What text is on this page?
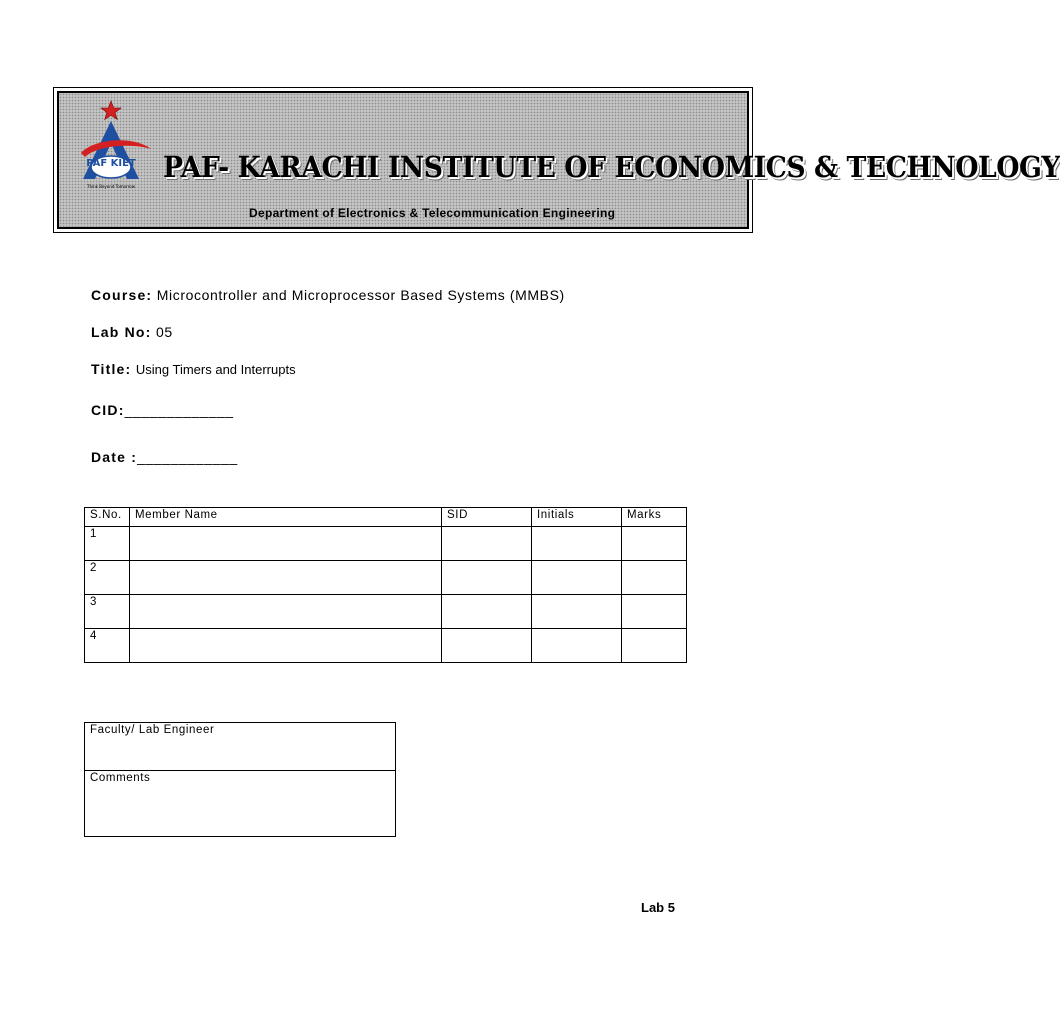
PAF KIET
Think Beyond Tomorrow
PAF- KARACHI INSTITUTE OF ECONOMICS & TECHNOLOGY
Department of Electronics & Telecommunication Engineering
Course: Microcontroller and Microprocessor Based Systems (MMBS)
Lab No: 05
Title: Using Timers and Interrupts
CID:_____________
Date :____________
S.No.	Member Name	SID	Initials	Marks
1				
2				
3				
4				
Faculty/ Lab Engineer
Comments
Lab 5
